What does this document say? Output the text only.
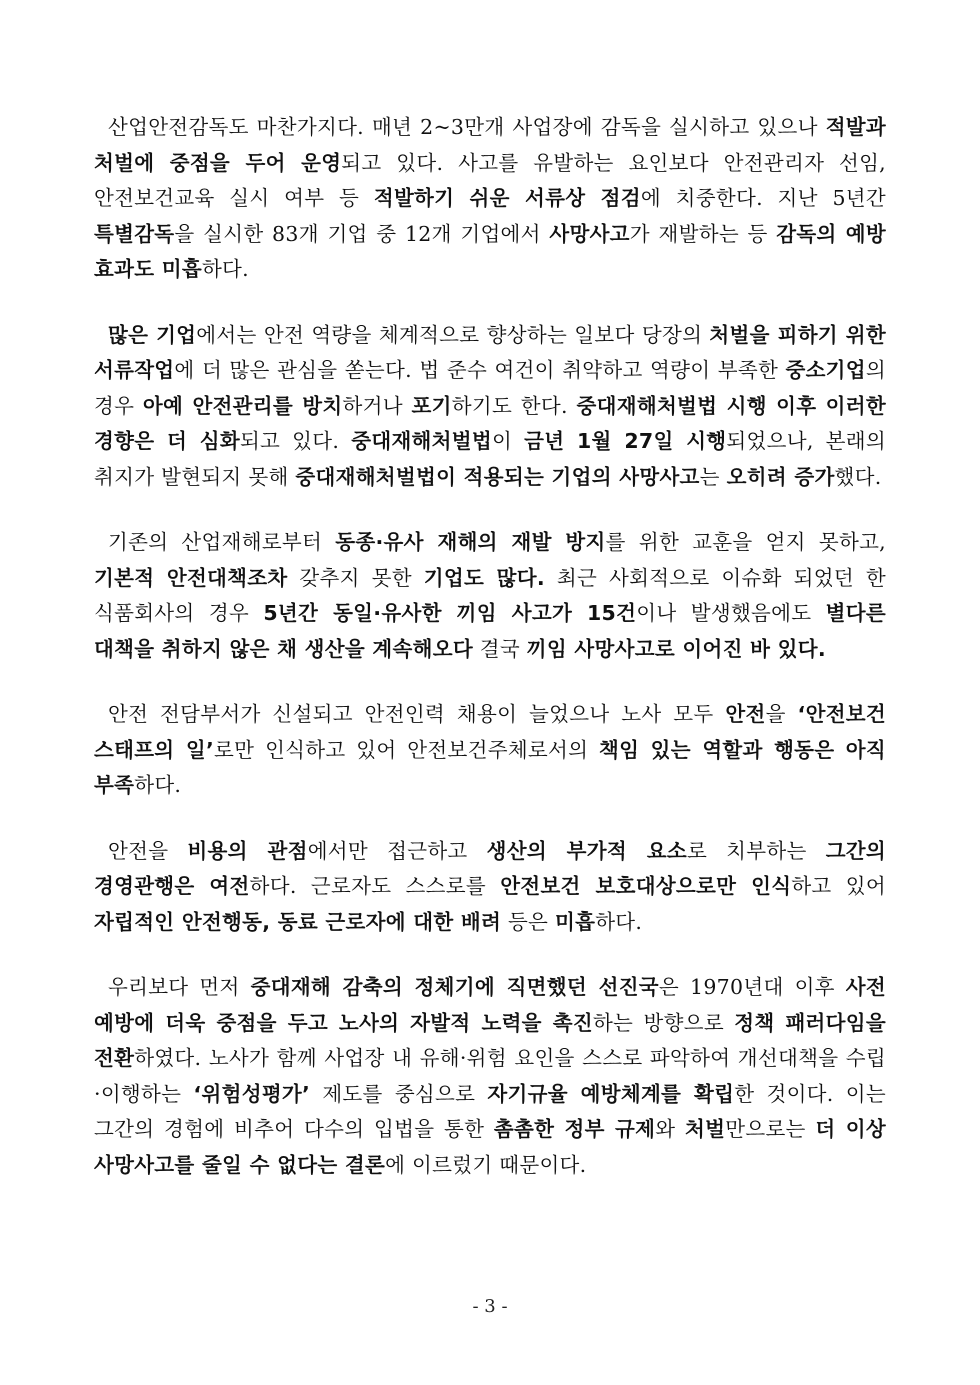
산업안전감독도 마찬가지다. 매년 2~3만개 사업장에 감독을 실시하고 있으나 적발과 처벌에 중점을 두어 운영되고 있다. 사고를 유발하는 요인보다 안전관리자 선임, 안전보건교육 실시 여부 등 적발하기 쉬운 서류상 점검에 치중한다. 지난 5년간 특별감독을 실시한 83개 기업 중 12개 기업에서 사망사고가 재발하는 등 감독의 예방 효과도 미흡하다.

많은 기업에서는 안전 역량을 체계적으로 향상하는 일보다 당장의 처벌을 피하기 위한 서류작업에 더 많은 관심을 쏟는다. 법 준수 여건이 취약하고 역량이 부족한 중소기업의 경우 아예 안전관리를 방치하거나 포기하기도 한다. 중대재해처벌법 시행 이후 이러한 경향은 더 심화되고 있다. 중대재해처벌법이 금년 1월 27일 시행되었으나, 본래의 취지가 발현되지 못해 중대재해처벌법이 적용되는 기업의 사망사고는 오히려 증가했다.

기존의 산업재해로부터 동종·유사 재해의 재발 방지를 위한 교훈을 얻지 못하고, 기본적 안전대책조차 갖추지 못한 기업도 많다. 최근 사회적으로 이슈화 되었던 한 식품회사의 경우 5년간 동일·유사한 끼임 사고가 15건이나 발생했음에도 별다른 대책을 취하지 않은 채 생산을 계속해오다 결국 끼임 사망사고로 이어진 바 있다.

안전 전담부서가 신설되고 안전인력 채용이 늘었으나 노사 모두 안전을 ‘안전보건 스태프의 일’로만 인식하고 있어 안전보건주체로서의 책임 있는 역할과 행동은 아직 부족하다.

안전을 비용의 관점에서만 접근하고 생산의 부가적 요소로 치부하는 그간의 경영관행은 여전하다. 근로자도 스스로를 안전보건 보호대상으로만 인식하고 있어 자립적인 안전행동, 동료 근로자에 대한 배려 등은 미흡하다.

우리보다 먼저 중대재해 감축의 정체기에 직면했던 선진국은 1970년대 이후 사전 예방에 더욱 중점을 두고 노사의 자발적 노력을 촉진하는 방향으로 정책 패러다임을 전환하였다. 노사가 함께 사업장 내 유해·위험 요인을 스스로 파악하여 개선대책을 수립·이행하는 ‘위험성평가’ 제도를 중심으로 자기규율 예방체계를 확립한 것이다. 이는 그간의 경험에 비추어 다수의 입법을 통한 촘촘한 정부 규제와 처벌만으로는 더 이상 사망사고를 줄일 수 없다는 결론에 이르렀기 때문이다.

- 3 -
